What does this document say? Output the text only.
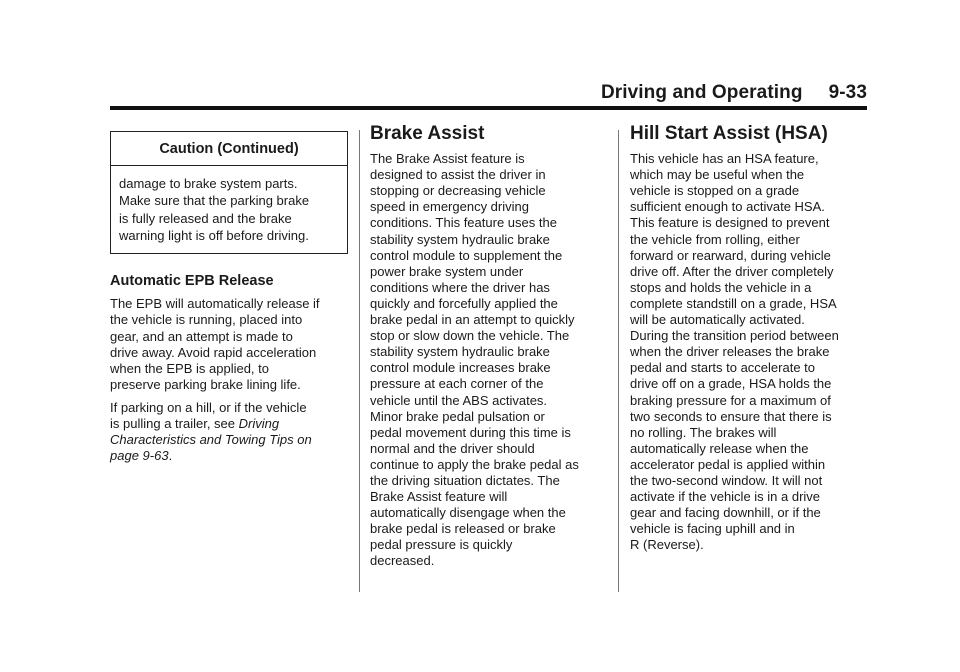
Driving and Operating 9-33
Caution (Continued)
damage to brake system parts.
Make sure that the parking brake
is fully released and the brake
warning light is off before driving.
Automatic EPB Release

The EPB will automatically release if
the vehicle is running, placed into
gear, and an attempt is made to
drive away. Avoid rapid acceleration
when the EPB is applied, to
preserve parking brake lining life.

If parking on a hill, or if the vehicle
is pulling a trailer, see Driving
Characteristics and Towing Tips on
page 9-63.

Brake Assist

The Brake Assist feature is
designed to assist the driver in
stopping or decreasing vehicle
speed in emergency driving
conditions. This feature uses the
stability system hydraulic brake
control module to supplement the
power brake system under
conditions where the driver has
quickly and forcefully applied the
brake pedal in an attempt to quickly
stop or slow down the vehicle. The
stability system hydraulic brake
control module increases brake
pressure at each corner of the
vehicle until the ABS activates.
Minor brake pedal pulsation or
pedal movement during this time is
normal and the driver should
continue to apply the brake pedal as
the driving situation dictates. The
Brake Assist feature will
automatically disengage when the
brake pedal is released or brake
pedal pressure is quickly
decreased.

Hill Start Assist (HSA)

This vehicle has an HSA feature,
which may be useful when the
vehicle is stopped on a grade
sufficient enough to activate HSA.
This feature is designed to prevent
the vehicle from rolling, either
forward or rearward, during vehicle
drive off. After the driver completely
stops and holds the vehicle in a
complete standstill on a grade, HSA
will be automatically activated.
During the transition period between
when the driver releases the brake
pedal and starts to accelerate to
drive off on a grade, HSA holds the
braking pressure for a maximum of
two seconds to ensure that there is
no rolling. The brakes will
automatically release when the
accelerator pedal is applied within
the two-second window. It will not
activate if the vehicle is in a drive
gear and facing downhill, or if the
vehicle is facing uphill and in
R (Reverse).
